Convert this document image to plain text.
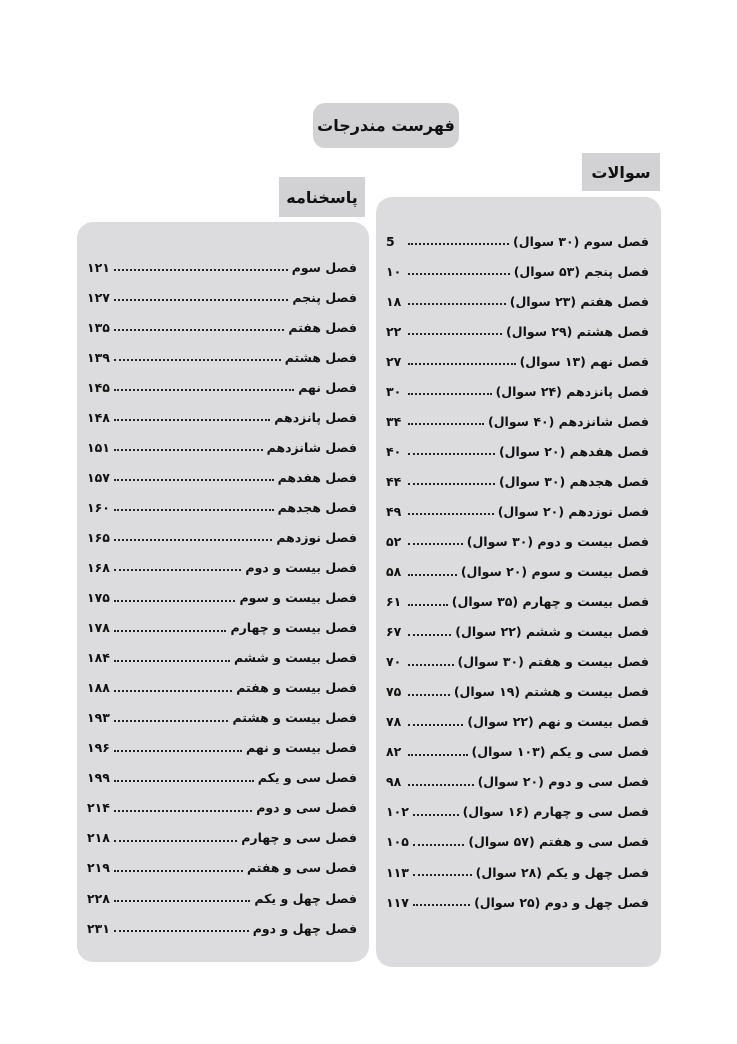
فهرست مندرجات
سوالات
فصل سوم (۳۰ سوال)
5
فصل پنجم (۵۳ سوال)
۱۰
فصل هفتم (۲۳ سوال)
۱۸
فصل هشتم (۲۹ سوال)
۲۲
فصل نهم (۱۳ سوال)
۲۷
فصل پانزدهم (۲۴ سوال)
۳۰
فصل شانزدهم (۴۰ سوال)
۳۴
فصل هفدهم (۲۰ سوال)
۴۰
فصل هجدهم (۳۰ سوال)
۴۴
فصل نوزدهم (۲۰ سوال)
۴۹
فصل بیست و دوم (۳۰ سوال)
۵۲
فصل بیست و سوم (۲۰ سوال)
۵۸
فصل بیست و چهارم (۳۵ سوال)
۶۱
فصل بیست و ششم (۲۲ سوال)
۶۷
فصل بیست و هفتم (۳۰ سوال)
۷۰
فصل بیست و هشتم (۱۹ سوال)
۷۵
فصل بیست و نهم (۲۲ سوال)
۷۸
فصل سی و یکم (۱۰۳ سوال)
۸۲
فصل سی و دوم (۲۰ سوال)
۹۸
فصل سی و چهارم (۱۶ سوال)
۱۰۲
فصل سی و هفتم (۵۷ سوال)
۱۰۵
فصل چهل و یکم (۲۸ سوال)
۱۱۳
فصل چهل و دوم (۲۵ سوال)
۱۱۷
پاسخنامه
فصل سوم
۱۲۱
فصل پنجم
۱۲۷
فصل هفتم
۱۳۵
فصل هشتم
۱۳۹
فصل نهم
۱۴۵
فصل پانزدهم
۱۴۸
فصل شانزدهم
۱۵۱
فصل هفدهم
۱۵۷
فصل هجدهم
۱۶۰
فصل نوزدهم
۱۶۵
فصل بیست و دوم
۱۶۸
فصل بیست و سوم
۱۷۵
فصل بیست و چهارم
۱۷۸
فصل بیست و ششم
۱۸۴
فصل بیست و هفتم
۱۸۸
فصل بیست و هشتم
۱۹۳
فصل بیست و نهم
۱۹۶
فصل سی و یکم
۱۹۹
فصل سی و دوم
۲۱۴
فصل سی و چهارم
۲۱۸
فصل سی و هفتم
۲۱۹
فصل چهل و یکم
۲۲۸
فصل چهل و دوم
۲۳۱
